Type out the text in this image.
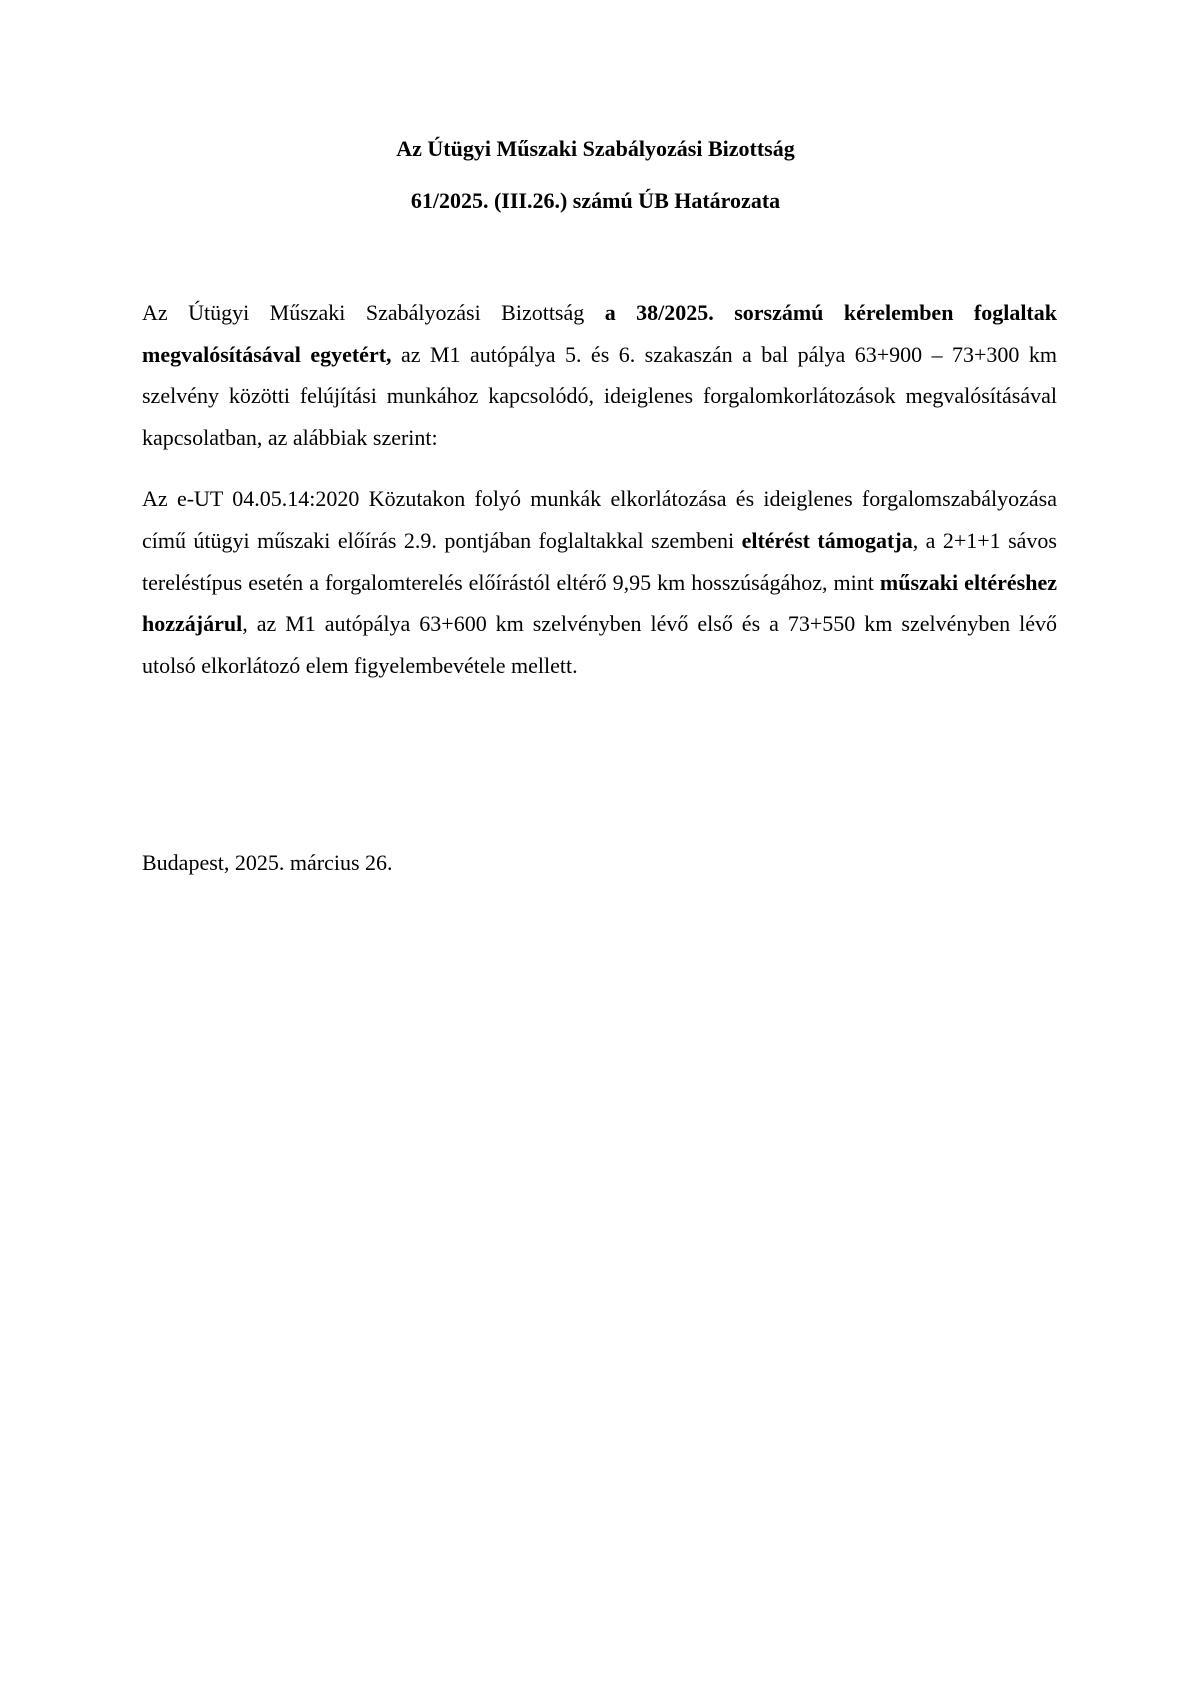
Az Útügyi Műszaki Szabályozási Bizottság
61/2025. (III.26.) számú ÚB Határozata

Az Útügyi Műszaki Szabályozási Bizottság a 38/2025. sorszámú kérelemben foglaltak megvalósításával egyetért, az M1 autópálya 5. és 6. szakaszán a bal pálya 63+900 – 73+300 km szelvény közötti felújítási munkához kapcsolódó, ideiglenes forgalomkorlátozások megvalósításával kapcsolatban, az alábbiak szerint:

Az e-UT 04.05.14:2020 Közutakon folyó munkák elkorlátozása és ideiglenes forgalomszabályozása című útügyi műszaki előírás 2.9. pontjában foglaltakkal szembeni eltérést támogatja, a 2+1+1 sávos tereléstípus esetén a forgalomterelés előírástól eltérő 9,95 km hosszúságához, mint műszaki eltéréshez hozzájárul, az M1 autópálya 63+600 km szelvényben lévő első és a 73+550 km szelvényben lévő utolsó elkorlátozó elem figyelembevétele mellett.

Budapest, 2025. március 26.
